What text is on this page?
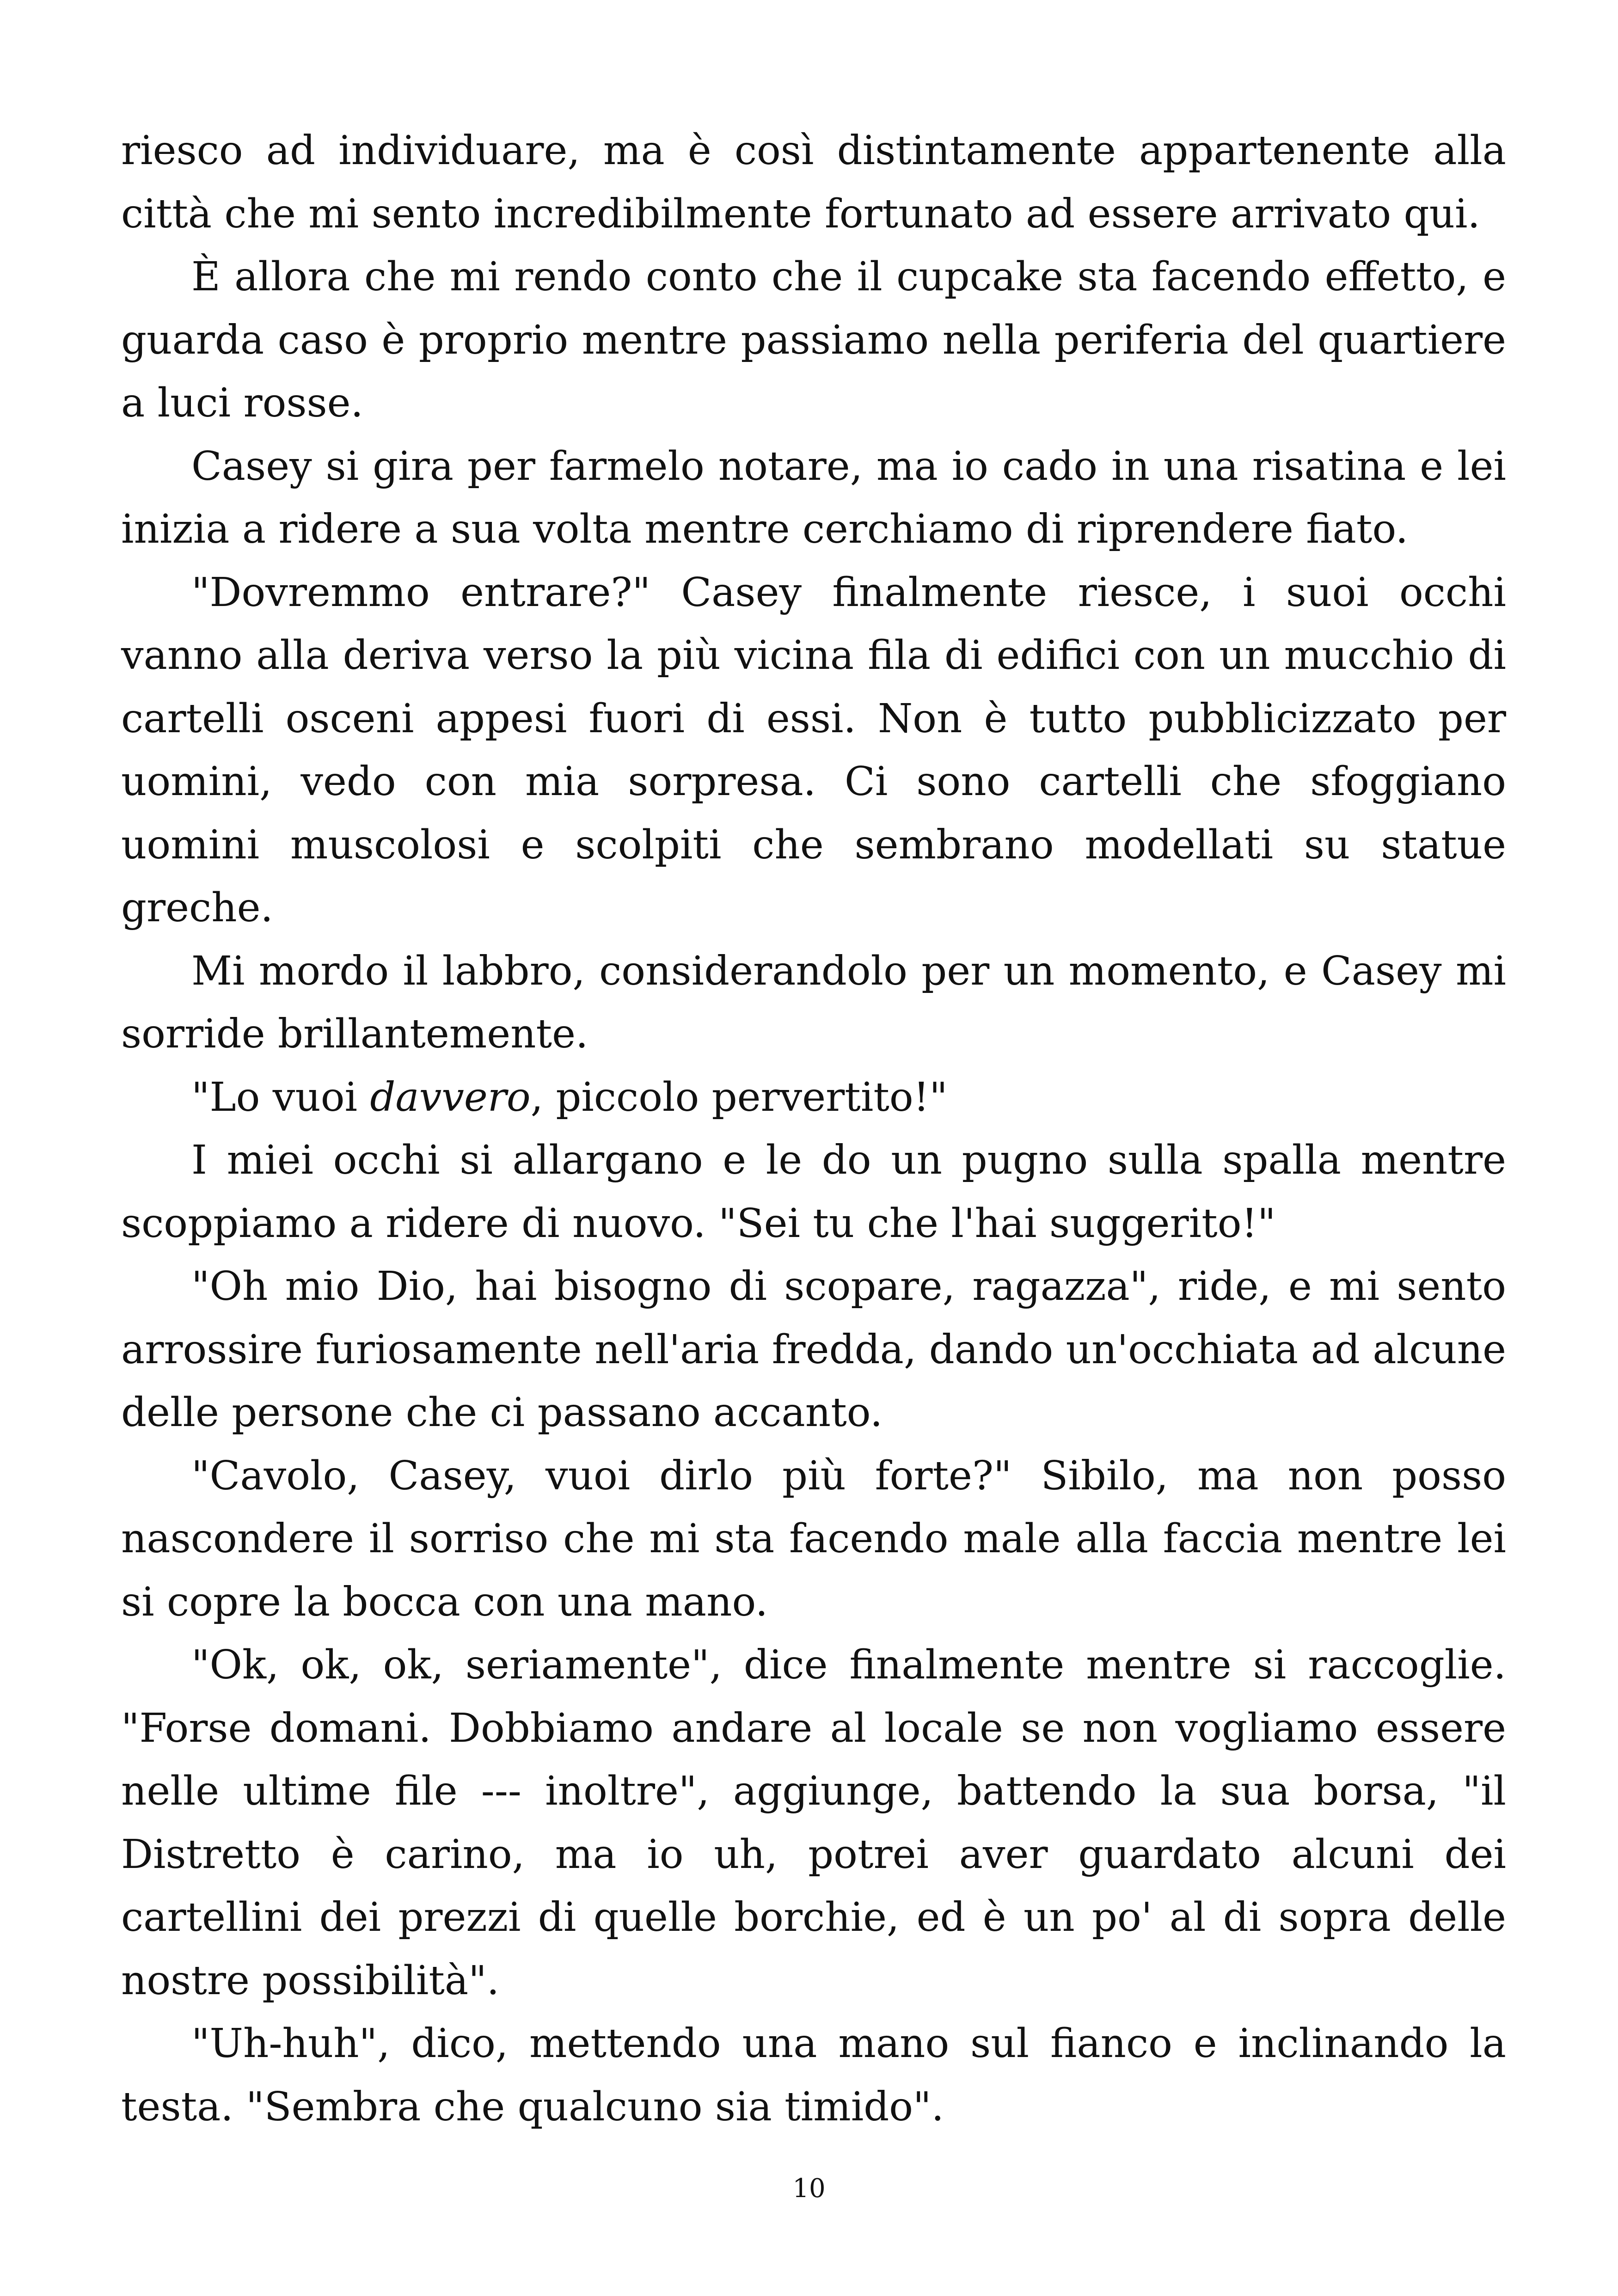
riesco ad individuare, ma è così distintamente appartenente alla città che mi sento incredibilmente fortunato ad essere arrivato qui.

È allora che mi rendo conto che il cupcake sta facendo effetto, e guarda caso è proprio mentre passiamo nella periferia del quartiere a luci rosse.

Casey si gira per farmelo notare, ma io cado in una risatina e lei inizia a ridere a sua volta mentre cerchiamo di riprendere fiato.

"Dovremmo entrare?" Casey finalmente riesce, i suoi occhi vanno alla deriva verso la più vicina fila di edifici con un mucchio di cartelli osceni appesi fuori di essi. Non è tutto pubblicizzato per uomini, vedo con mia sorpresa. Ci sono cartelli che sfoggiano uomini muscolosi e scolpiti che sembrano modellati su statue greche.

Mi mordo il labbro, considerandolo per un momento, e Casey mi sorride brillantemente.

"Lo vuoi davvero, piccolo pervertito!"

I miei occhi si allargano e le do un pugno sulla spalla mentre scoppiamo a ridere di nuovo. "Sei tu che l'hai suggerito!"

"Oh mio Dio, hai bisogno di scopare, ragazza", ride, e mi sento arrossire furiosamente nell'aria fredda, dando un'occhiata ad alcune delle persone che ci passano accanto.

"Cavolo, Casey, vuoi dirlo più forte?" Sibilo, ma non posso nascondere il sorriso che mi sta facendo male alla faccia mentre lei si copre la bocca con una mano.

"Ok, ok, ok, seriamente", dice finalmente mentre si raccoglie. "Forse domani. Dobbiamo andare al locale se non vogliamo essere nelle ultime file --- inoltre", aggiunge, battendo la sua borsa, "il Distretto è carino, ma io uh, potrei aver guardato alcuni dei cartellini dei prezzi di quelle borchie, ed è un po' al di sopra delle nostre possibilità".

"Uh-huh", dico, mettendo una mano sul fianco e inclinando la testa. "Sembra che qualcuno sia timido".

10
